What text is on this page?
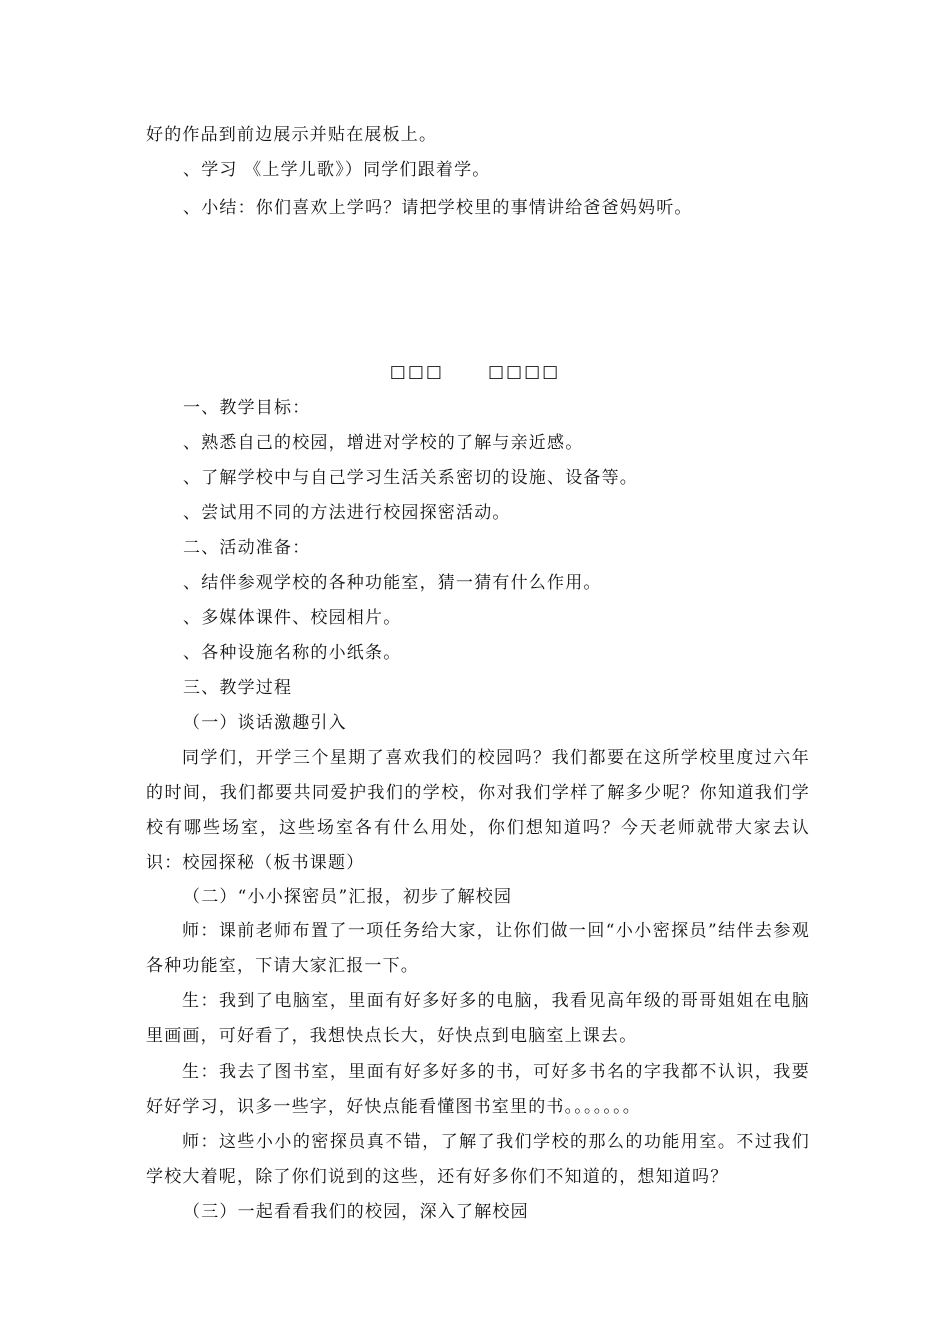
好的作品到前边展示并贴在展板上。
、学习 《上学儿歌》）同学们跟着学。
、小结：你们喜欢上学吗？请把学校里的事情讲给爸爸妈妈听。
□□□	□□□□
一、教学目标：
、熟悉自己的校园，增进对学校的了解与亲近感。
、了解学校中与自己学习生活关系密切的设施、设备等。
、尝试用不同的方法进行校园探密活动。
二、活动准备：
、结伴参观学校的各种功能室，猜一猜有什么作用。
、多媒体课件、校园相片。
、各种设施名称的小纸条。
三、教学过程
（一）谈话激趣引入

同学们，开学三个星期了喜欢我们的校园吗？我们都要在这所学校里度过六年的时间，我们都要共同爱护我们的学校，你对我们学样了解多少呢？你知道我们学校有哪些场室，这些场室各有什么用处，你们想知道吗？今天老师就带大家去认识：校园探秘（板书课题）

（二）“小小探密员”汇报，初步了解校园

师：课前老师布置了一项任务给大家，让你们做一回“小小密探员”结伴去参观各种功能室，下请大家汇报一下。

生：我到了电脑室，里面有好多好多的电脑，我看见高年级的哥哥姐姐在电脑里画画，可好看了，我想快点长大，好快点到电脑室上课去。

生：我去了图书室，里面有好多好多的书，可好多书名的字我都不认识，我要好好学习，识多一些字，好快点能看懂图书室里的书。。。。。。。

师：这些小小的密探员真不错，了解了我们学校的那么的功能用室。不过我们学校大着呢，除了你们说到的这些，还有好多你们不知道的，想知道吗？

（三）一起看看我们的校园，深入了解校园
